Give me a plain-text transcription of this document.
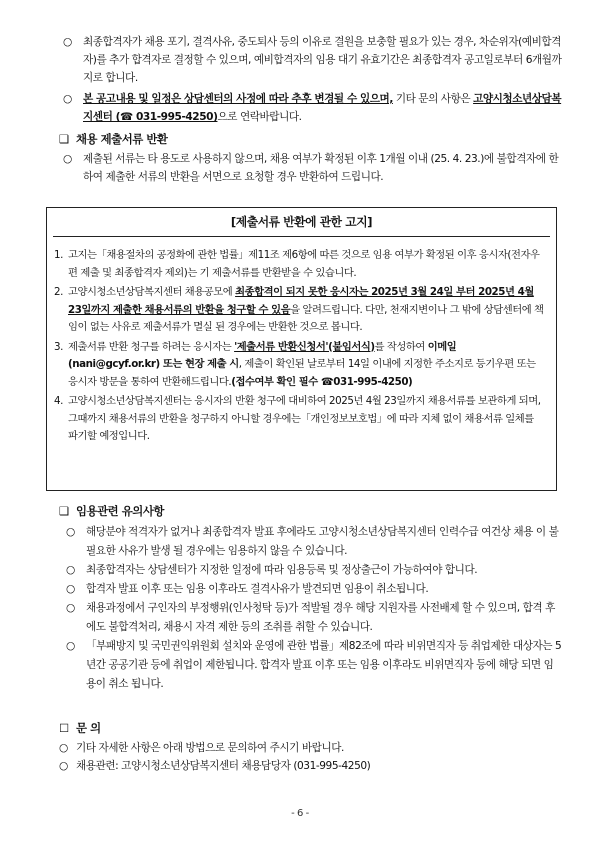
○ 최종합격자가 채용 포기, 결격사유, 중도퇴사 등의 이유로 결원을 보충할 필요가 있는 경우, 차순위자(예비합격자)를 추가 합격자로 결정할 수 있으며, 예비합격자의 임용 대기 유효기간은 최종합격자 공고일로부터 6개월까지로 합니다.
○ 본 공고내용 및 일정은 상담센터의 사정에 따라 추후 변경될 수 있으며, 기타 문의 사항은 고양시청소년상담복지센터 (☎ 031-995-4250)으로 연락바랍니다.
❑ 채용 제출서류 반환
○ 제출된 서류는 타 용도로 사용하지 않으며, 채용 여부가 확정된 이후 1개월 이내 (25. 4. 23.)에 불합격자에 한하여 제출한 서류의 반환을 서면으로 요청할 경우 반환하여 드립니다.
[제출서류 반환에 관한 고지]
1. 고지는「채용절차의 공정화에 관한 법률」제11조 제6항에 따른 것으로 임용 여부가 확정된 이후 응시자(전자우편 제출 및 최종합격자 제외)는 기 제출서류를 반환받을 수 있습니다.
2. 고양시청소년상담복지센터 채용공모에 최종합격이 되지 못한 응시자는 2025년 3월 24일 부터 2025년 4월 23일까지 제출한 채용서류의 반환을 청구할 수 있음을 알려드립니다. 다만, 천재지변이나 그 밖에 상담센터에 책임이 없는 사유로 제출서류가 멸실 된 경우에는 반환한 것으로 봅니다.
3. 제출서류 반환 청구를 하려는 응시자는 '제출서류 반환신청서'(붙임서식)를 작성하여 이메일(nani@gcyf.or.kr) 또는 현장 제출 시, 제출이 확인된 날로부터 14일 이내에 지정한 주소지로 등기우편 또는 응시자 방문을 통하여 반환해드립니다.(접수여부 확인 필수 ☎031-995-4250)
4. 고양시청소년상담복지센터는 응시자의 반환 청구에 대비하여 2025년 4월 23일까지 채용서류를 보관하게 되며, 그때까지 채용서류의 반환을 청구하지 아니할 경우에는「개인정보보호법」에 따라 지체 없이 채용서류 일체를 파기할 예정입니다.
❑ 임용관련 유의사항
○ 해당분야 적격자가 없거나 최종합격자 발표 후에라도 고양시청소년상담복지센터 인력수급 여건상 채용 이 불필요한 사유가 발생 될 경우에는 임용하지 않을 수 있습니다.
○ 최종합격자는 상담센터가 지정한 일정에 따라 임용등록 및 정상출근이 가능하여야 합니다.
○ 합격자 발표 이후 또는 임용 이후라도 결격사유가 발견되면 임용이 취소됩니다.
○ 채용과정에서 구인자의 부정행위(인사청탁 등)가 적발될 경우 해당 지원자를 사전배제 할 수 있으며, 합격 후에도 불합격처리, 채용시 자격 제한 등의 조취를 취할 수 있습니다.
○ 「부패방지 및 국민권익위원회 설치와 운영에 관한 법률」제82조에 따라 비위면직자 등 취업제한 대상자는 5년간 공공기관 등에 취업이 제한됩니다. 합격자 발표 이후 또는 임용 이후라도 비위면직자 등에 해당 되면 임용이 취소 됩니다.
☐ 문 의
○ 기타 자세한 사항은 아래 방법으로 문의하여 주시기 바랍니다.
○ 채용관련: 고양시청소년상담복지센터 채용담당자 (031-995-4250)
- 6 -
